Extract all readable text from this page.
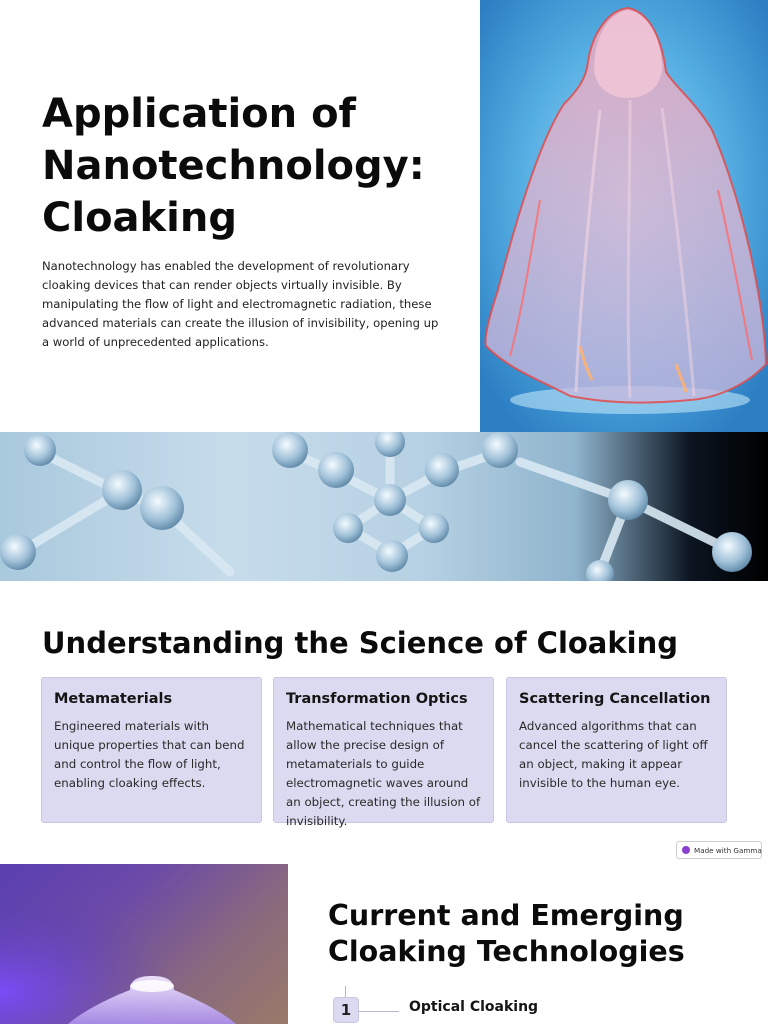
Application of Nanotechnology: Cloaking

Nanotechnology has enabled the development of revolutionary cloaking devices that can render objects virtually invisible. By manipulating the flow of light and electromagnetic radiation, these advanced materials can create the illusion of invisibility, opening up a world of unprecedented applications.

Understanding the Science of Cloaking
Metamaterials
Engineered materials with unique properties that can bend and control the flow of light, enabling cloaking effects.
Transformation Optics
Mathematical techniques that allow the precise design of metamaterials to guide electromagnetic waves around an object, creating the illusion of invisibility.
Scattering Cancellation
Advanced algorithms that can cancel the scattering of light off an object, making it appear invisible to the human eye.
Made with Gamma
Current and Emerging Cloaking Technologies
1	Optical Cloaking
